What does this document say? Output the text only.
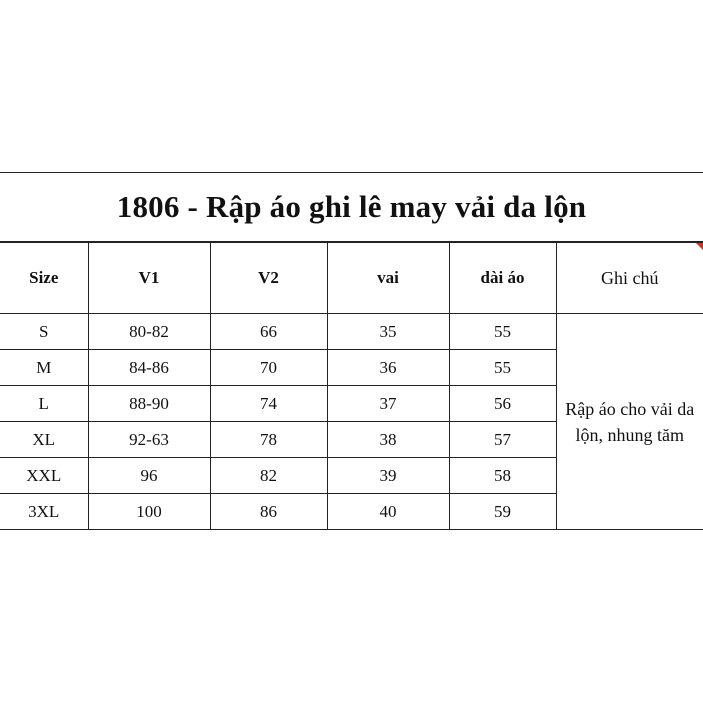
1806 - Rập áo ghi lê may vải da lộn
Size	V1	V2	vai	dài áo	Ghi chú
S	80-82	66	35	55	Rập áo cho vải da lộn, nhung tăm
M	84-86	70	36	55	
L	88-90	74	37	56	
XL	92-63	78	38	57	
XXL	96	82	39	58	
3XL	100	86	40	59	
